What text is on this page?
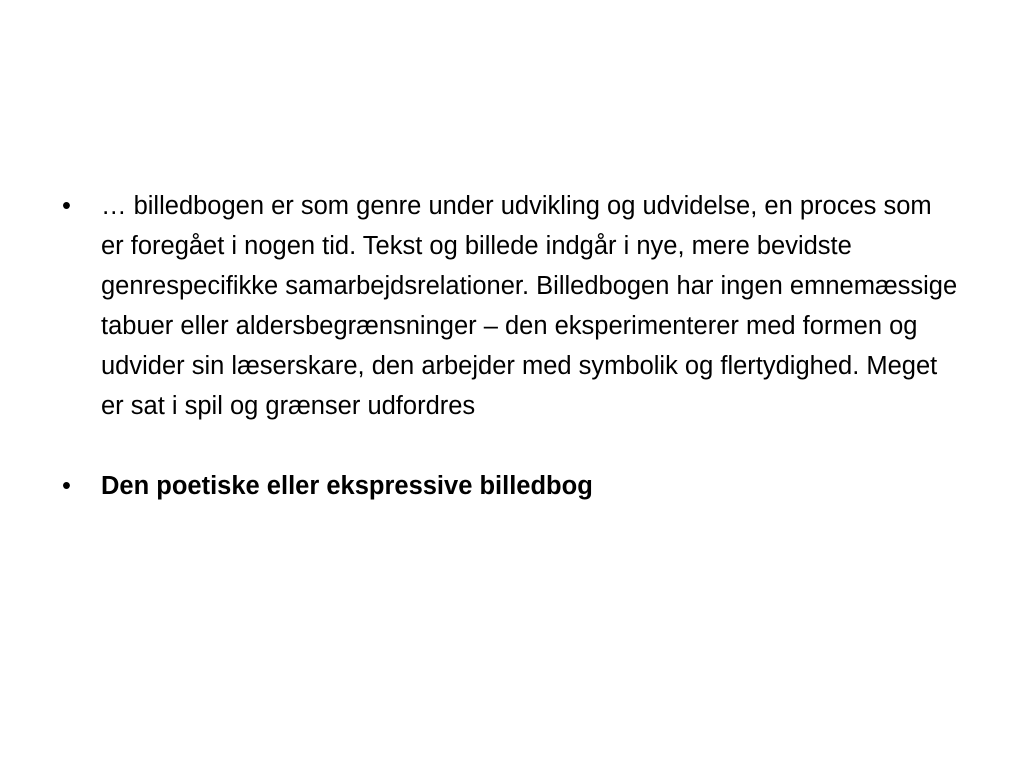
•	… billedbogen er som genre under udvikling og udvidelse, en proces som er foregået i nogen tid. Tekst og billede indgår i nye, mere bevidste genrespecifikke samarbejdsrelationer. Billedbogen har ingen emnemæssige tabuer eller aldersbegrænsninger – den eksperimenterer med formen og udvider sin læserskare, den arbejder med symbolik og flertydighed. Meget er sat i spil og grænser udfordres
•	Den poetiske eller ekspressive billedbog
